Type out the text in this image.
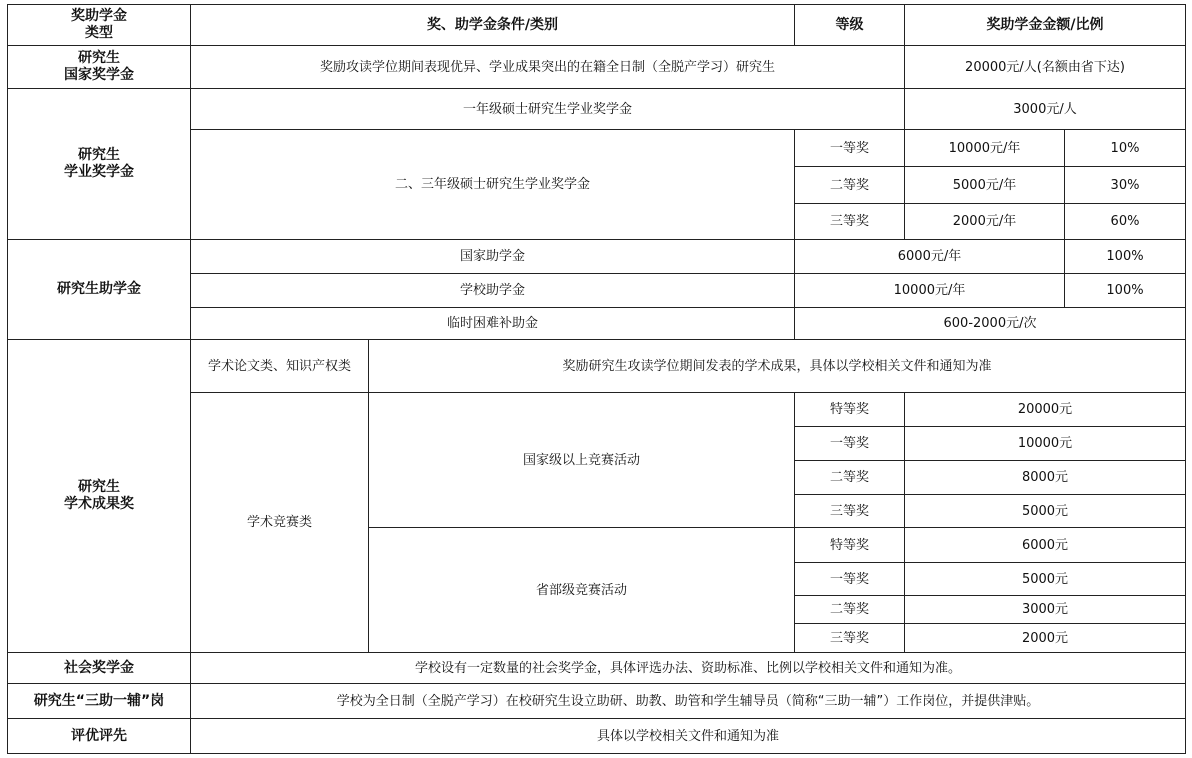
奖助学金
类型	奖、助学金条件/类别		等级	奖助学金金额/比例		
研究生
国家奖学金	奖励攻读学位期间表现优异、学业成果突出的在籍全日制（全脱产学习）研究生			20000元/人(名额由省下达)		
研究生
学业奖学金	一年级硕士研究生学业奖学金			3000元/人	
	二、三年级硕士研究生学业奖学金		一等奖	10000元/年	10%	
			二等奖	5000元/年	30%	
			三等奖	2000元/年	60%	
研究生助学金	国家助学金		6000元/年		100%	
	学校助学金		10000元/年		100%	
	临时困难补助金		600-2000元/次			
研究生
学术成果奖	学术论文类、知识产权类	奖励研究生攻读学位期间发表的学术成果，具体以学校相关文件和通知为准				
	学术竞赛类	国家级以上竞赛活动	特等奖	20000元		
			一等奖	10000元		
			二等奖	8000元		
			三等奖	5000元		
		省部级竞赛活动	特等奖	6000元		
			一等奖	5000元		
			二等奖	3000元		
			三等奖	2000元		
社会奖学金	学校设有一定数量的社会奖学金，具体评选办法、资助标准、比例以学校相关文件和通知为准。					
研究生“三助一辅”岗	学校为全日制（全脱产学习）在校研究生设立助研、助教、助管和学生辅导员（简称“三助一辅”）工作岗位，并提供津贴。					
评优评先	具体以学校相关文件和通知为准					
